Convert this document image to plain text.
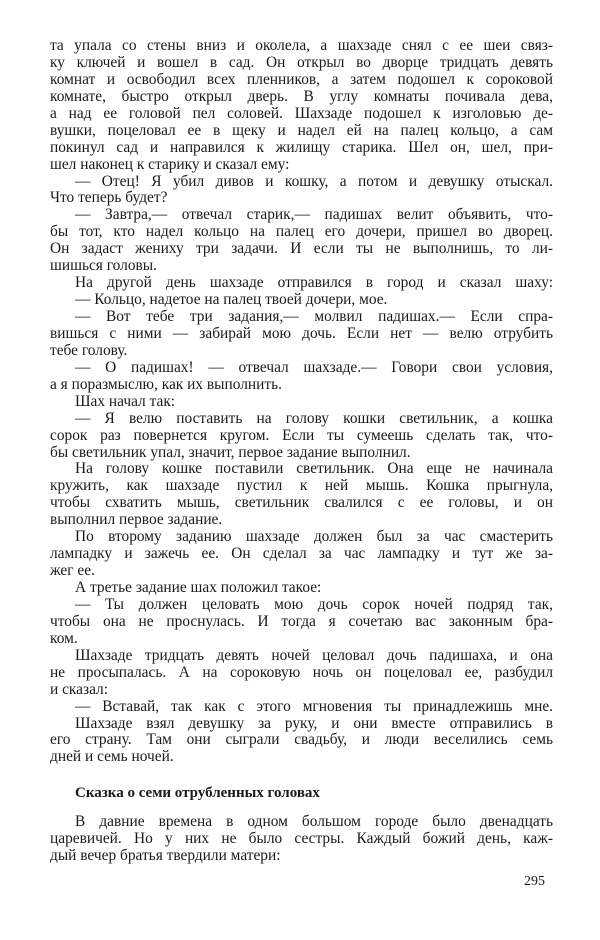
та упала со стены вниз и околела, а шахзаде снял с ее шеи связ-
ку ключей и вошел в сад. Он открыл во дворце тридцать девять
комнат и освободил всех пленников, а затем подошел к сороковой
комнате, быстро открыл дверь. В углу комнаты почивала дева,
а над ее головой пел соловей. Шахзаде подошел к изголовью де-
вушки, поцеловал ее в щеку и надел ей на палец кольцо, а сам
покинул сад и направился к жилищу старика. Шел он, шел, при-
шел наконец к старику и сказал ему:
— Отец! Я убил дивов и кошку, а потом и девушку отыскал.
Что теперь будет?
— Завтра,— отвечал старик,— падишах велит объявить, что-
бы тот, кто надел кольцо на палец его дочери, пришел во дворец.
Он задаст жениху три задачи. И если ты не выполнишь, то ли-
шишься головы.
На другой день шахзаде отправился в город и сказал шаху:
— Кольцо, надетое на палец твоей дочери, мое.
— Вот тебе три задания,— молвил падишах.— Если спра-
вишься с ними — забирай мою дочь. Если нет — велю отрубить
тебе голову.
— О падишах! — отвечал шахзаде.— Говори свои условия,
а я поразмыслю, как их выполнить.
Шах начал так:
— Я велю поставить на голову кошки светильник, а кошка
сорок раз повернется кругом. Если ты сумеешь сделать так, что-
бы светильник упал, значит, первое задание выполнил.
На голову кошке поставили светильник. Она еще не начинала
кружить, как шахзаде пустил к ней мышь. Кошка прыгнула,
чтобы схватить мышь, светильник свалился с ее головы, и он
выполнил первое задание.
По второму заданию шахзаде должен был за час смастерить
лампадку и зажечь ее. Он сделал за час лампадку и тут же за-
жег ее.
А третье задание шах положил такое:
— Ты должен целовать мою дочь сорок ночей подряд так,
чтобы она не проснулась. И тогда я сочетаю вас законным бра-
ком.
Шахзаде тридцать девять ночей целовал дочь падишаха, и она
не просыпалась. А на сороковую ночь он поцеловал ее, разбудил
и сказал:
— Вставай, так как с этого мгновения ты принадлежишь мне.
Шахзаде взял девушку за руку, и они вместе отправились в
его страну. Там они сыграли свадьбу, и люди веселились семь
дней и семь ночей.
Сказка о семи отрубленных головах
В давние времена в одном большом городе было двенадцать
царевичей. Но у них не было сестры. Каждый божий день, каж-
дый вечер братья твердили матери:
295
